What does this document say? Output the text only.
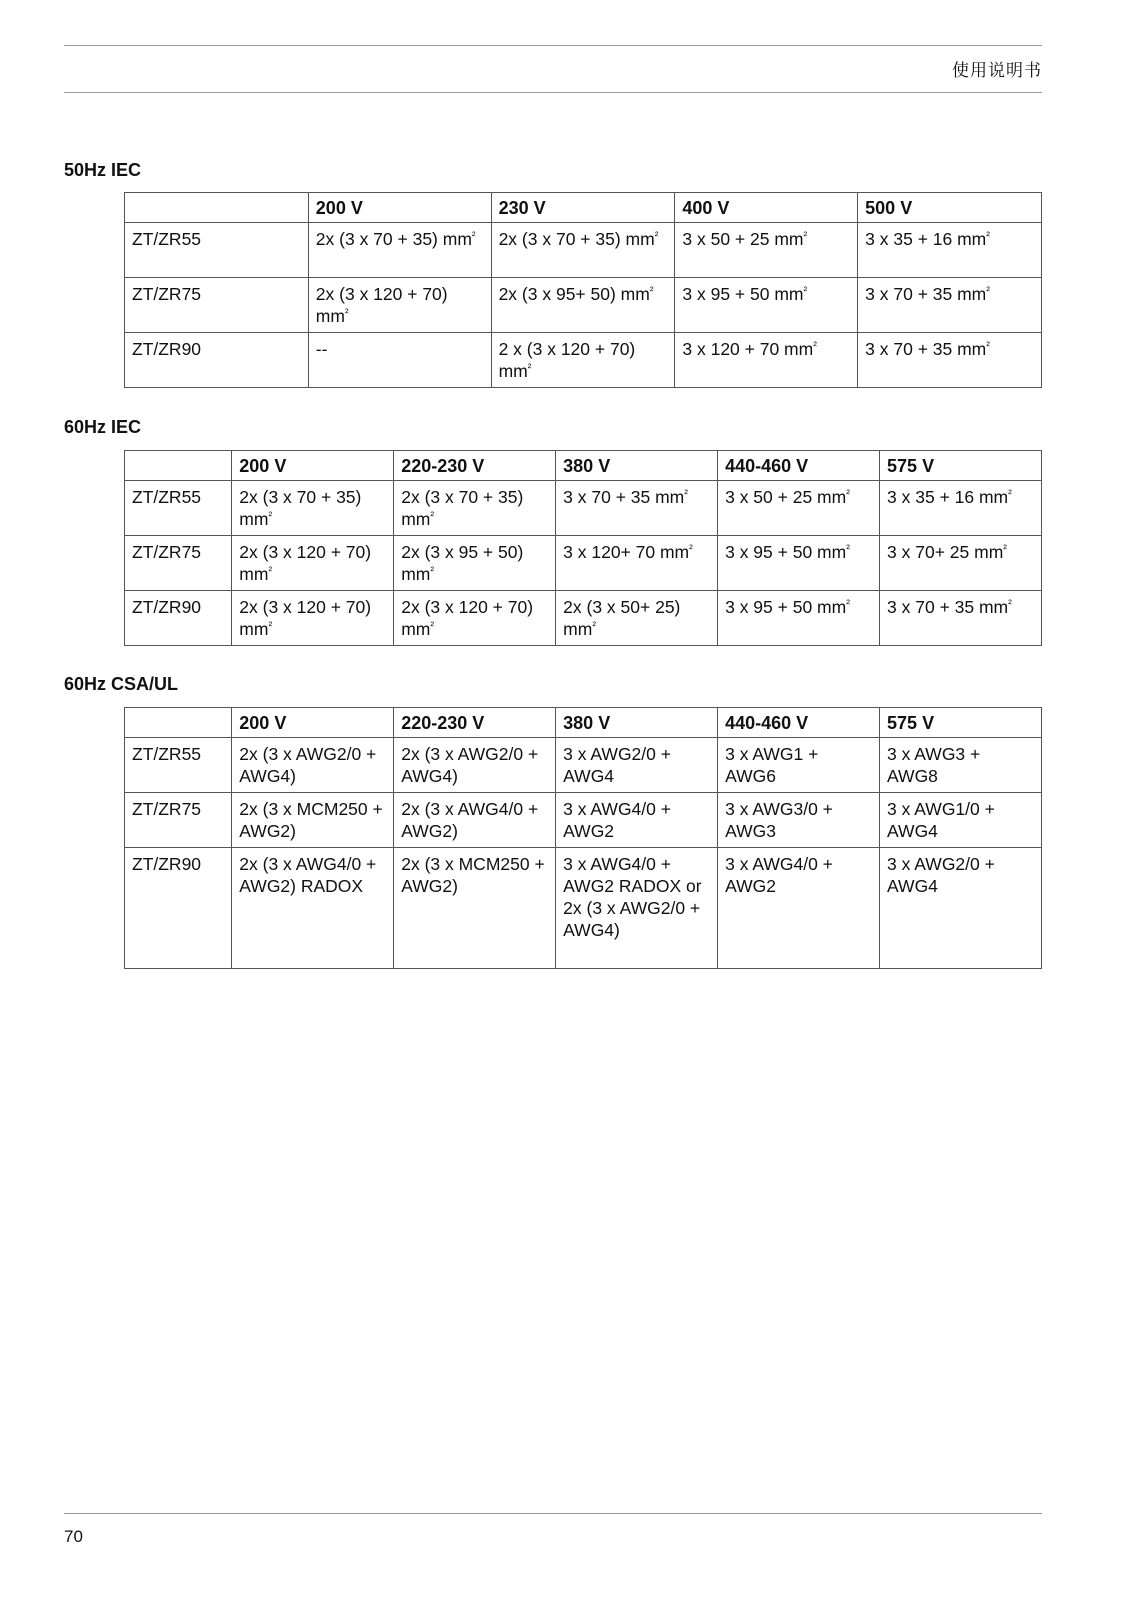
使用说明书
50Hz IEC
	200 V	230 V	400 V	500 V
ZT/ZR55	2x (3 x 70 + 35) $mm^{^2}$	2x (3 x 70 + 35) $mm^{^2}$	3 x 50 + 25 $mm^{^2}$	3 x 35 + 16 $mm^{^2}$
ZT/ZR75	2x (3 x 120 + 70) $mm^{^2}$	2x (3 x 95+ 50) $mm^{^2}$	3 x 95 + 50 $mm^{^2}$	3 x 70 + 35 $mm^{^2}$
ZT/ZR90	--	2 x (3 x 120 + 70) $mm^{^2}$	3 x 120 + 70 $mm^{^2}$	3 x 70 + 35 $mm^{^2}$
60Hz IEC
	200 V	220-230 V	380 V	440-460 V	575 V
ZT/ZR55	2x (3 x 70 + 35) $mm^{^2}$	2x (3 x 70 + 35) $mm^{^2}$	3 x 70 + 35 $mm^{^2}$	3 x 50 + 25 $mm^{^2}$	3 x 35 + 16 $mm^{^2}$
ZT/ZR75	2x (3 x 120 + 70) $mm^{^2}$	2x (3 x 95 + 50) $mm^{^2}$	3 x 120+ 70 $mm^{^2}$	3 x 95 + 50 $mm^{^2}$	3 x 70+ 25 $mm^{^2}$
ZT/ZR90	2x (3 x 120 + 70) $mm^{^2}$	2x (3 x 120 + 70) $mm^{^2}$	2x (3 x 50+ 25) $mm^{^2}$	3 x 95 + 50 $mm^{^2}$	3 x 70 + 35 $mm^{^2}$
60Hz CSA/UL
	200 V	220-230 V	380 V	440-460 V	575 V
ZT/ZR55	2x (3 x AWG2/0 + AWG4)	2x (3 x AWG2/0 + AWG4)	3 x AWG2/0 + AWG4	3 x AWG1 + AWG6	3 x AWG3 + AWG8
ZT/ZR75	2x (3 x MCM250 + AWG2)	2x (3 x AWG4/0 + AWG2)	3 x AWG4/0 + AWG2	3 x AWG3/0 + AWG3	3 x AWG1/0 + AWG4
ZT/ZR90	2x (3 x AWG4/0 + AWG2) RADOX	2x (3 x MCM250 + AWG2)	3 x AWG4/0 + AWG2 RADOX or 2x (3 x AWG2/0 + AWG4)	3 x AWG4/0 + AWG2	3 x AWG2/0 + AWG4
70
